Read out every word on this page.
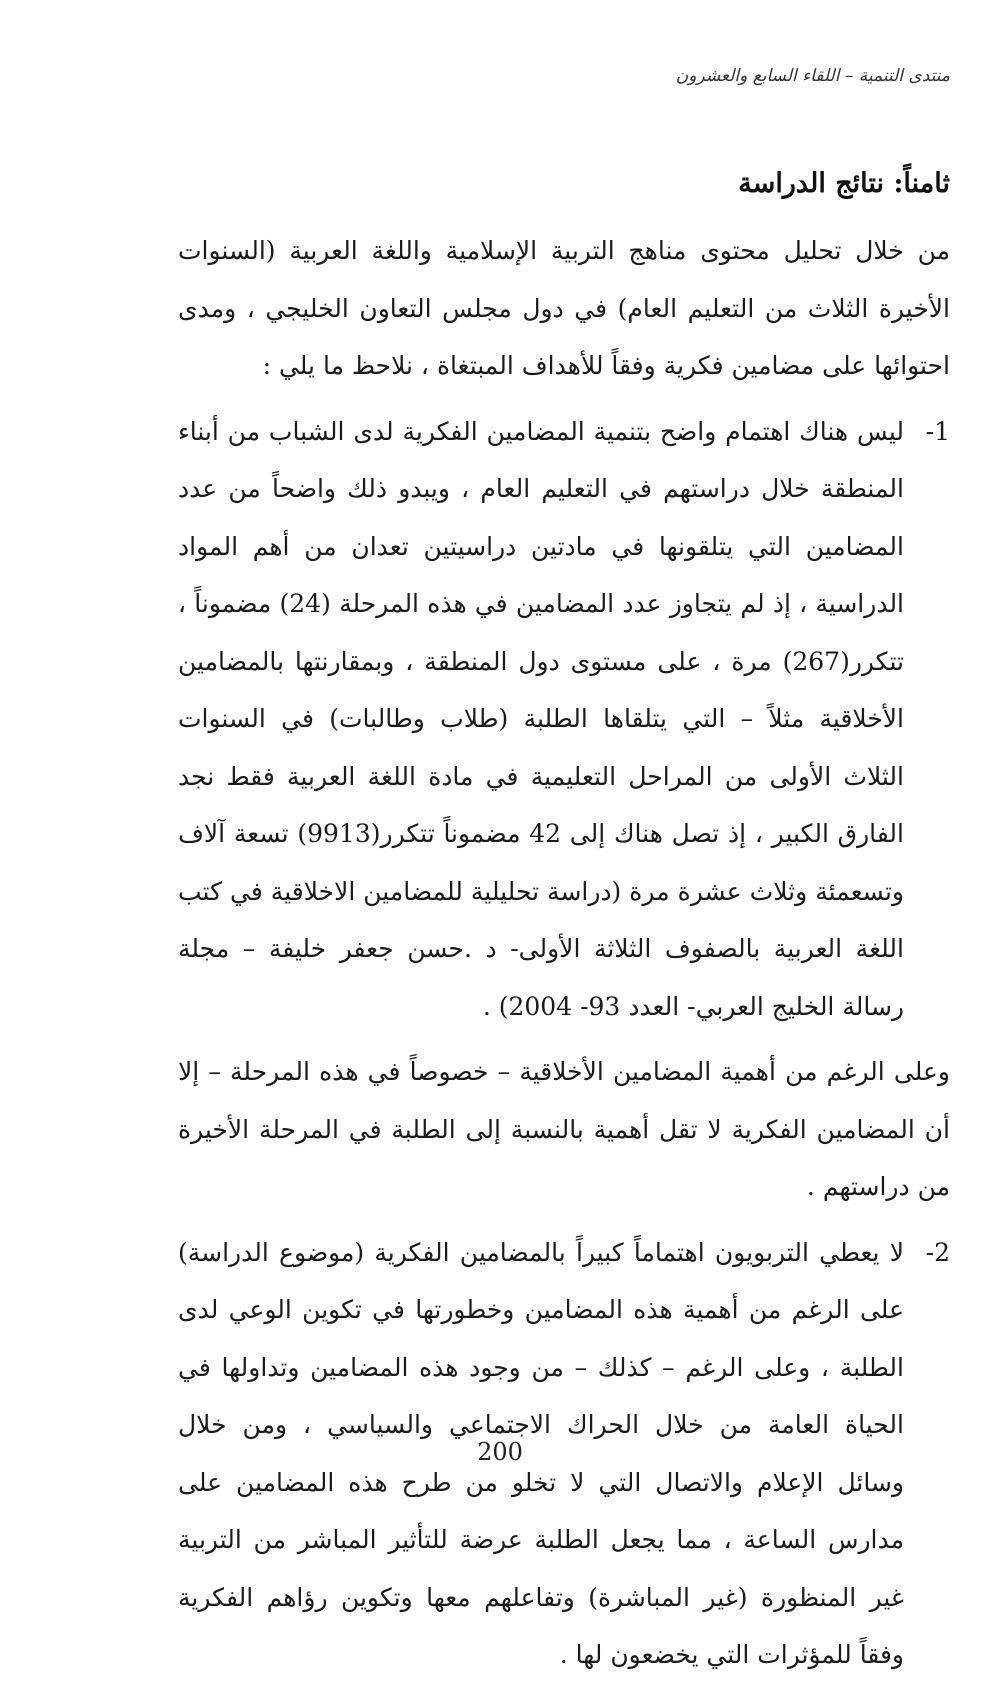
منتدى التنمية – اللقاء السابع والعشرون
ثامناً: نتائج الدراسة

من خلال تحليل محتوى مناهج التربية الإسلامية واللغة العربية (السنوات الأخيرة الثلاث من التعليم العام) في دول مجلس التعاون الخليجي ، ومدى احتوائها على مضامين فكرية وفقاً للأهداف المبتغاة ، نلاحظ ما يلي :

1-

ليس هناك اهتمام واضح بتنمية المضامين الفكرية لدى الشباب من أبناء المنطقة خلال دراستهم في التعليم العام ، ويبدو ذلك واضحاً من عدد المضامين التي يتلقونها في مادتين دراسيتين تعدان من أهم المواد الدراسية ، إذ لم يتجاوز عدد المضامين في هذه المرحلة (24) مضموناً ، تتكرر(267) مرة ، على مستوى دول المنطقة ، وبمقارنتها بالمضامين الأخلاقية مثلاً – التي يتلقاها الطلبة (طلاب وطالبات) في السنوات الثلاث الأولى من المراحل التعليمية في مادة اللغة العربية فقط نجد الفارق الكبير ، إذ تصل هناك إلى 42 مضموناً تتكرر(9913) تسعة آلاف وتسعمئة وثلاث عشرة مرة (دراسة تحليلية للمضامين الاخلاقية في كتب اللغة العربية بالصفوف الثلاثة الأولى- د .حسن جعفر خليفة – مجلة رسالة الخليج العربي- العدد 93- 2004) .

وعلى الرغم من أهمية المضامين الأخلاقية – خصوصاً في هذه المرحلة – إلا أن المضامين الفكرية لا تقل أهمية بالنسبة إلى الطلبة في المرحلة الأخيرة من دراستهم .

2-

لا يعطي التربويون اهتماماً كبيراً بالمضامين الفكرية (موضوع الدراسة) على الرغم من أهمية هذه المضامين وخطورتها في تكوين الوعي لدى الطلبة ، وعلى الرغم – كذلك – من وجود هذه المضامين وتداولها في الحياة العامة من خلال الحراك الاجتماعي والسياسي ، ومن خلال وسائل الإعلام والاتصال التي لا تخلو من طرح هذه المضامين على مدارس الساعة ، مما يجعل الطلبة عرضة للتأثير المباشر من التربية غير المنظورة (غير المباشرة) وتفاعلهم معها وتكوين رؤاهم الفكرية وفقاً للمؤثرات التي يخضعون لها .

200
